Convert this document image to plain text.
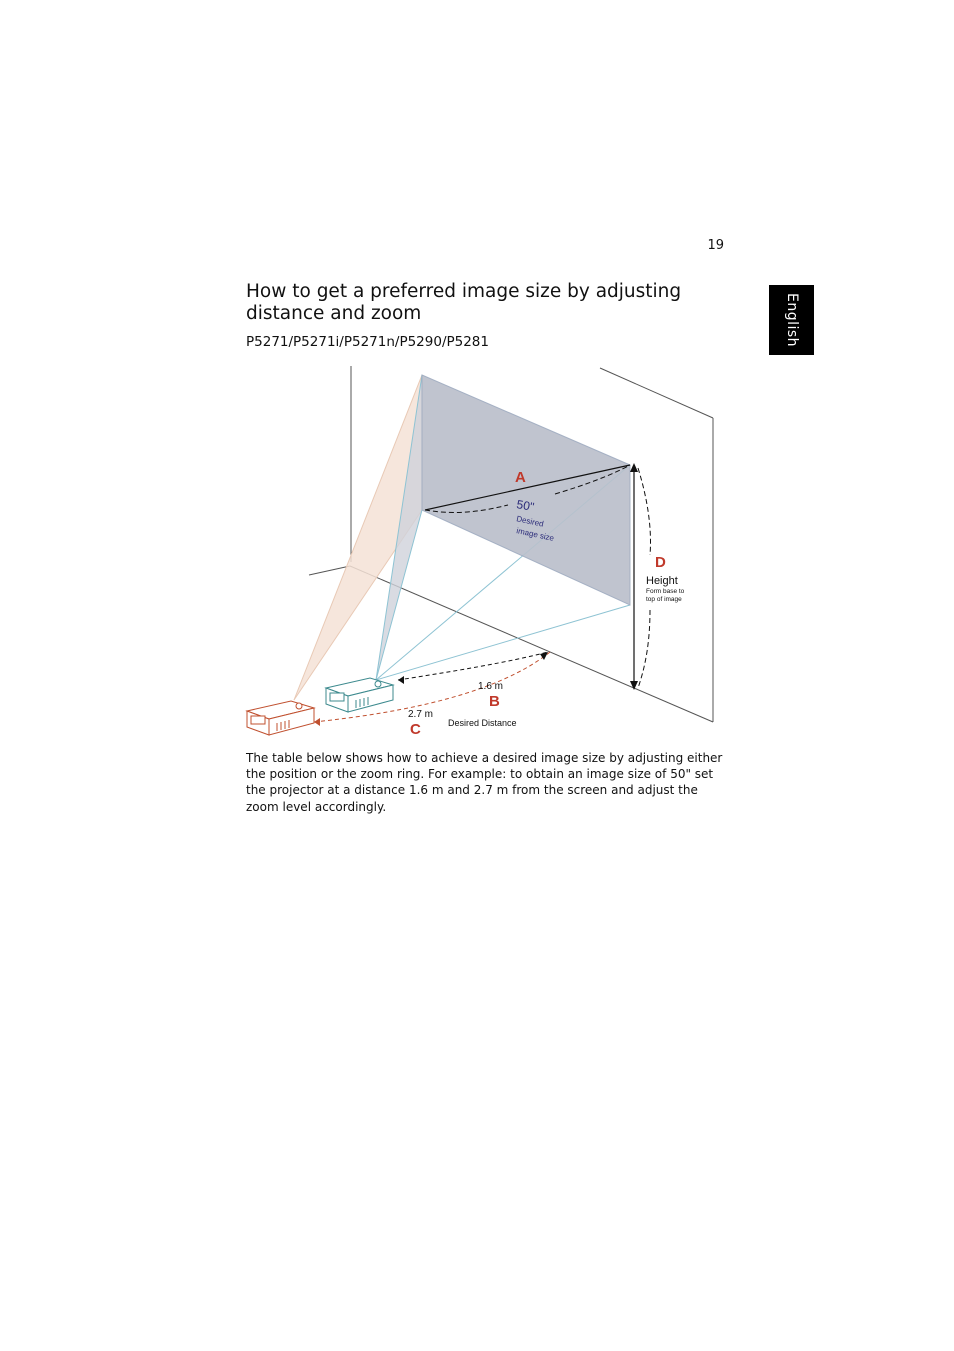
19
English
How to get a preferred image size by adjusting distance and zoom
P5271/P5271i/P5271n/P5290/P5281
A
50"
Desired
image size
D
Height
Form base to
top of image
1.6 m
2.7 m
B
C	Desired Distance

The table below shows how to achieve a desired image size by adjusting either the position or the zoom ring. For example: to obtain an image size of 50" set the projector at a distance 1.6 m and 2.7 m from the screen and adjust the zoom level accordingly.
